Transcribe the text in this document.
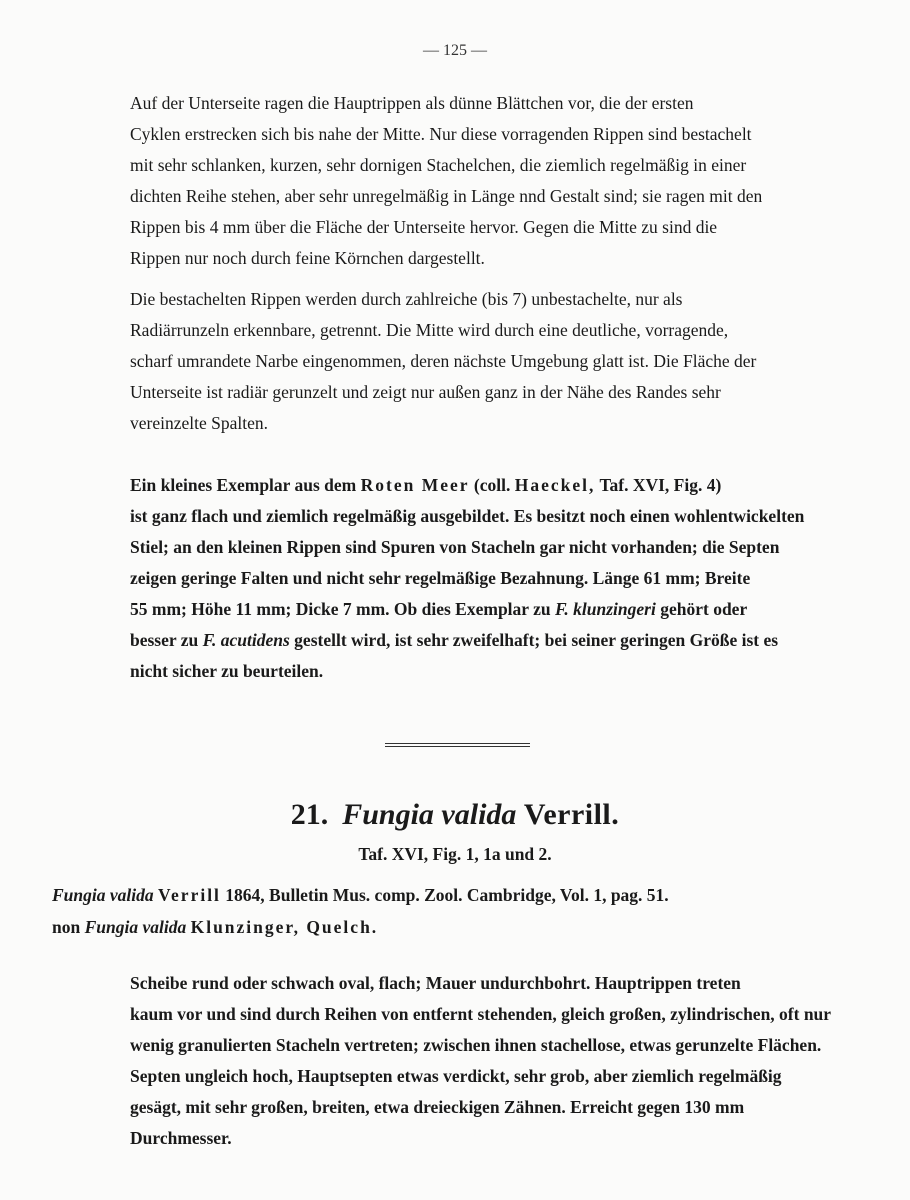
— 125 —

Auf der Unterseite ragen die Hauptrippen als dünne Blättchen vor, die der ersten
Cyklen erstrecken sich bis nahe der Mitte. Nur diese vorragenden Rippen sind bestachelt
mit sehr schlanken, kurzen, sehr dornigen Stachelchen, die ziemlich regelmäßig in einer
dichten Reihe stehen, aber sehr unregelmäßig in Länge nnd Gestalt sind; sie ragen mit den
Rippen bis 4 mm über die Fläche der Unterseite hervor. Gegen die Mitte zu sind die
Rippen nur noch durch feine Körnchen dargestellt.

Die bestachelten Rippen werden durch zahlreiche (bis 7) unbestachelte, nur als
Radiärrunzeln erkennbare, getrennt. Die Mitte wird durch eine deutliche, vorragende,
scharf umrandete Narbe eingenommen, deren nächste Umgebung glatt ist. Die Fläche der
Unterseite ist radiär gerunzelt und zeigt nur außen ganz in der Nähe des Randes sehr
vereinzelte Spalten.

Ein kleines Exemplar aus dem Roten Meer (coll. Haeckel, Taf. XVI, Fig. 4)
ist ganz flach und ziemlich regelmäßig ausgebildet. Es besitzt noch einen wohlentwickelten
Stiel; an den kleinen Rippen sind Spuren von Stacheln gar nicht vorhanden; die Septen
zeigen geringe Falten und nicht sehr regelmäßige Bezahnung. Länge 61 mm; Breite
55 mm; Höhe 11 mm; Dicke 7 mm. Ob dies Exemplar zu F. klunzingeri gehört oder
besser zu F. acutidens gestellt wird, ist sehr zweifelhaft; bei seiner geringen Größe ist es
nicht sicher zu beurteilen.

21. Fungia valida Verrill.
Taf. XVI, Fig. 1, 1a und 2.

Fungia valida Verrill 1864, Bulletin Mus. comp. Zool. Cambridge, Vol. 1, pag. 51.

non Fungia valida Klunzinger, Quelch.

Scheibe rund oder schwach oval, flach; Mauer undurchbohrt. Hauptrippen treten
kaum vor und sind durch Reihen von entfernt stehenden, gleich großen, zylindrischen, oft nur
wenig granulierten Stacheln vertreten; zwischen ihnen stachellose, etwas gerunzelte Flächen.
Septen ungleich hoch, Hauptsepten etwas verdickt, sehr grob, aber ziemlich regelmäßig
gesägt, mit sehr großen, breiten, etwa dreieckigen Zähnen. Erreicht gegen 130 mm
Durchmesser.
